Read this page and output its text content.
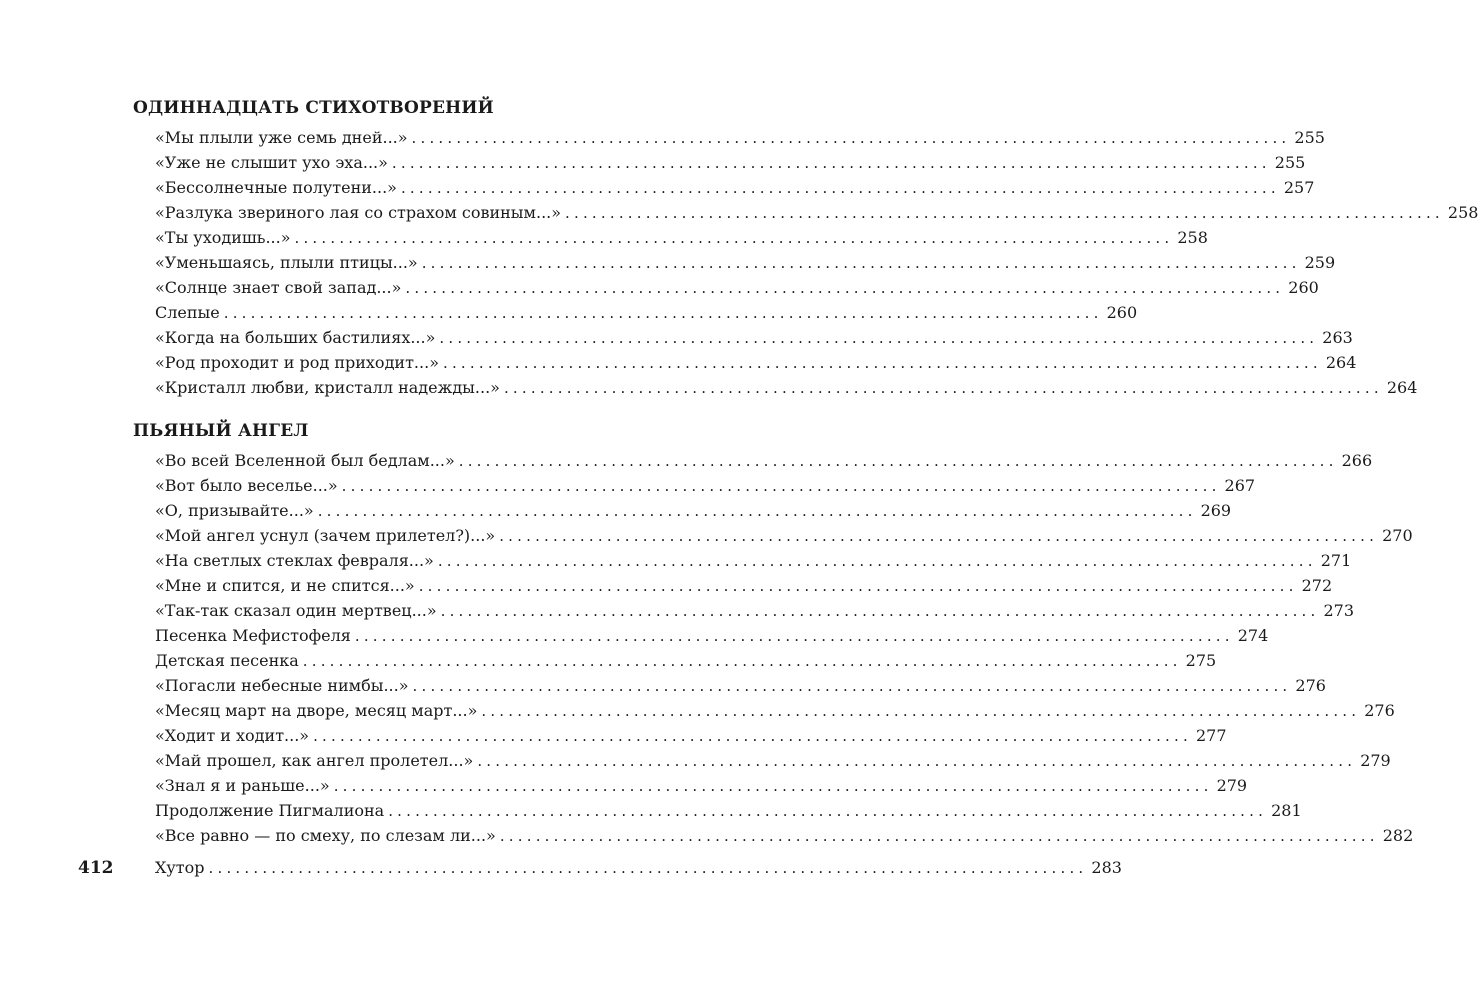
ОДИННАДЦАТЬ СТИХОТВОРЕНИЙ
«Мы плыли уже семь дней...» .................................................................................................. 255
«Уже не слышит ухо эха...» .................................................................................................. 255
«Бессолнечные полутени...» .................................................................................................. 257
«Разлука звериного лая со страхом совиным...» .................................................................................................. 258
«Ты уходишь...» .................................................................................................. 258
«Уменьшаясь, плыли птицы...» .................................................................................................. 259
«Солнце знает свой запад...» .................................................................................................. 260
Слепые .................................................................................................. 260
«Когда на больших бастилиях...» .................................................................................................. 263
«Род проходит и род приходит...» .................................................................................................. 264
«Кристалл любви, кристалл надежды...» .................................................................................................. 264
ПЬЯНЫЙ АНГЕЛ
«Во всей Вселенной был бедлам...» .................................................................................................. 266
«Вот было веселье...» .................................................................................................. 267
«О, призывайте...» .................................................................................................. 269
«Мой ангел уснул (зачем прилетел?)...» .................................................................................................. 270
«На светлых стеклах февраля...» .................................................................................................. 271
«Мне и спится, и не спится...» .................................................................................................. 272
«Так-так сказал один мертвец...» .................................................................................................. 273
Песенка Мефистофеля .................................................................................................. 274
Детская песенка .................................................................................................. 275
«Погасли небесные нимбы...» .................................................................................................. 276
«Месяц март на дворе, месяц март...» .................................................................................................. 276
«Ходит и ходит...» .................................................................................................. 277
«Май прошел, как ангел пролетел...» .................................................................................................. 279
«Знал я и раньше...» .................................................................................................. 279
Продолжение Пигмалиона .................................................................................................. 281
«Все равно — по смеху, по слезам ли...» .................................................................................................. 282
Хутор .................................................................................................. 283
412
